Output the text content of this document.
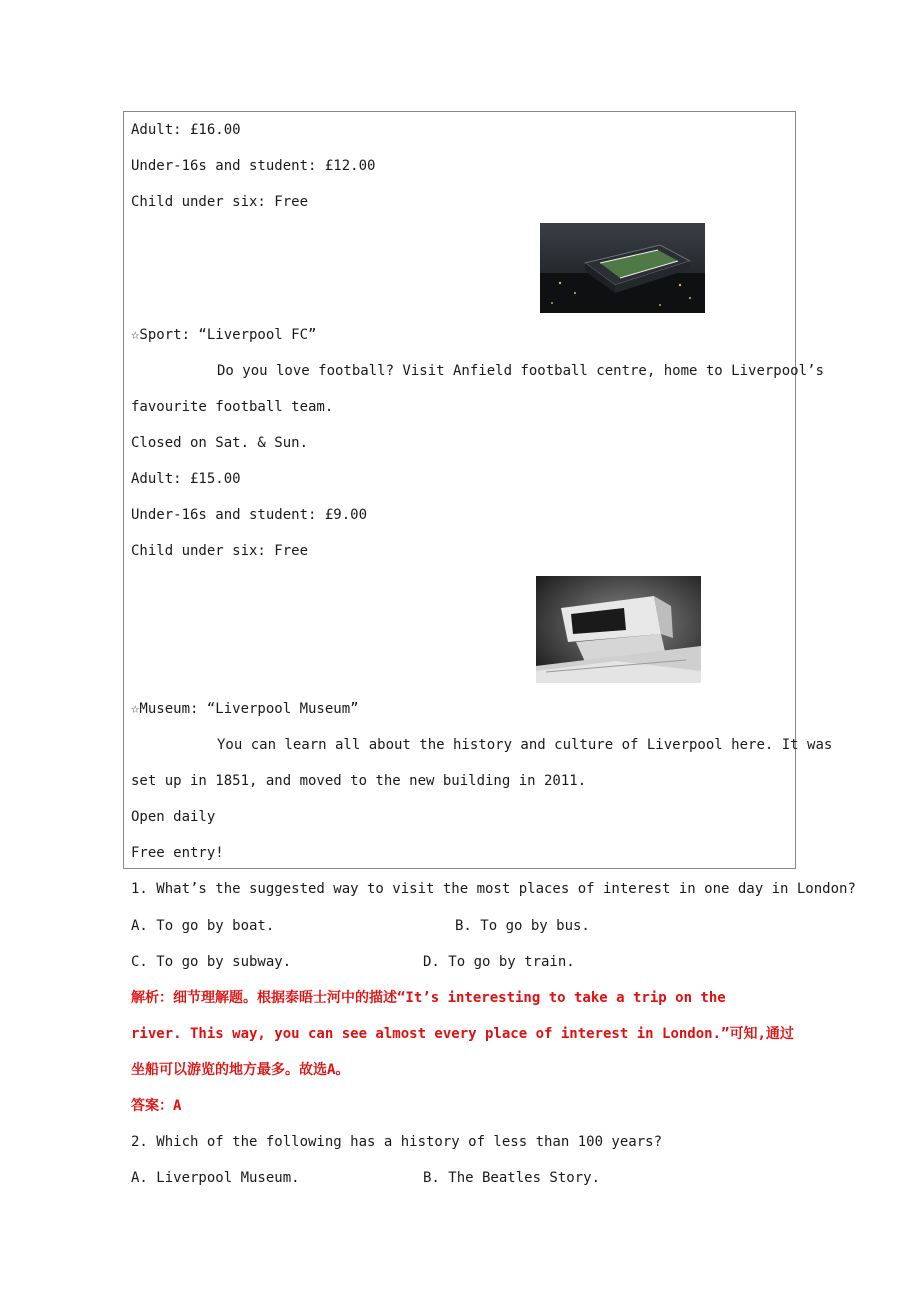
Adult: £16.00
Under-16s and student: £12.00
Child under six: Free
☆Sport: “Liverpool FC”
Do you love football? Visit Anfield football centre, home to Liverpool’s
favourite football team.
Closed on Sat. & Sun.
Adult: £15.00
Under-16s and student: £9.00
Child under six: Free
☆Museum: “Liverpool Museum”
You can learn all about the history and culture of Liverpool here. It was
set up in 1851, and moved to the new building in 2011.
Open daily
Free entry!
1. What’s the suggested way to visit the most places of interest in one day in London?
A. To go by boat.	B. To go by bus.
C. To go by subway.	D. To go by train.
解析：细节理解题。根据泰晤士河中的描述“It’s interesting to take a trip on the
river. This way, you can see almost every place of interest in London.”可知,通过
坐船可以游览的地方最多。故选A。
答案：A
2. Which of the following has a history of less than 100 years?
A. Liverpool Museum.	B. The Beatles Story.
